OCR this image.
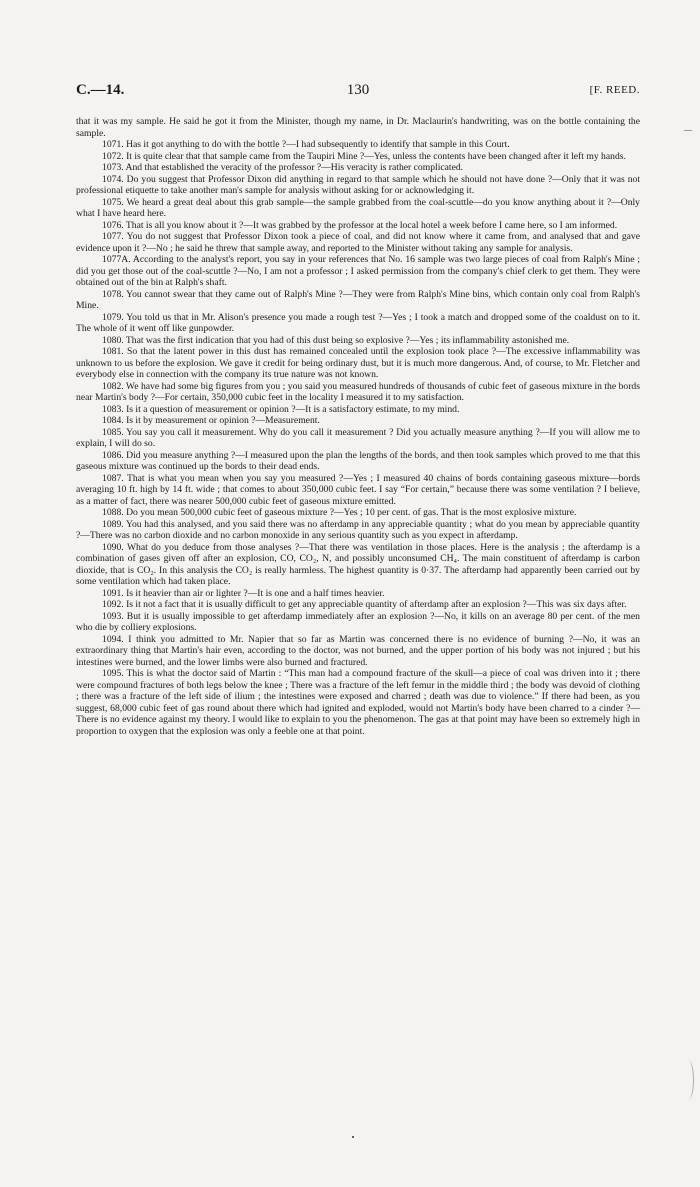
C.—14.	130	[F. REED.

that it was my sample. He said he got it from the Minister, though my name, in Dr. Maclaurin's handwriting, was on the bottle containing the sample.

1071. Has it got anything to do with the bottle ?—I had subsequently to identify that sample in this Court.

1072. It is quite clear that that sample came from the Taupiri Mine ?—Yes, unless the contents have been changed after it left my hands.

1073. And that established the veracity of the professor ?—His veracity is rather complicated.

1074. Do you suggest that Professor Dixon did anything in regard to that sample which he should not have done ?—Only that it was not professional etiquette to take another man's sample for analysis without asking for or acknowledging it.

1075. We heard a great deal about this grab sample—the sample grabbed from the coal-scuttle—do you know anything about it ?—Only what I have heard here.

1076. That is all you know about it ?—It was grabbed by the professor at the local hotel a week before I came here, so I am informed.

1077. You do not suggest that Professor Dixon took a piece of coal, and did not know where it came from, and analysed that and gave evidence upon it ?—No ; he said he threw that sample away, and reported to the Minister without taking any sample for analysis.

1077A. According to the analyst's report, you say in your references that No. 16 sample was two large pieces of coal from Ralph's Mine ; did you get those out of the coal-scuttle ?—No, I am not a professor ; I asked permission from the company's chief clerk to get them. They were obtained out of the bin at Ralph's shaft.

1078. You cannot swear that they came out of Ralph's Mine ?—They were from Ralph's Mine bins, which contain only coal from Ralph's Mine.

1079. You told us that in Mr. Alison's presence you made a rough test ?—Yes ; I took a match and dropped some of the coaldust on to it. The whole of it went off like gunpowder.

1080. That was the first indication that you had of this dust being so explosive ?—Yes ; its inflammability astonished me.

1081. So that the latent power in this dust has remained concealed until the explosion took place ?—The excessive inflammability was unknown to us before the explosion. We gave it credit for being ordinary dust, but it is much more dangerous. And, of course, to Mr. Fletcher and everybody else in connection with the company its true nature was not known.

1082. We have had some big figures from you ; you said you measured hundreds of thousands of cubic feet of gaseous mixture in the bords near Martin's body ?—For certain, 350,000 cubic feet in the locality I measured it to my satisfaction.

1083. Is it a question of measurement or opinion ?—It is a satisfactory estimate, to my mind.

1084. Is it by measurement or opinion ?—Measurement.

1085. You say you call it measurement. Why do you call it measurement ? Did you actually measure anything ?—If you will allow me to explain, I will do so.

1086. Did you measure anything ?—I measured upon the plan the lengths of the bords, and then took samples which proved to me that this gaseous mixture was continued up the bords to their dead ends.

1087. That is what you mean when you say you measured ?—Yes ; I measured 40 chains of bords containing gaseous mixture—bords averaging 10 ft. high by 14 ft. wide ; that comes to about 350,000 cubic feet. I say “For certain,” because there was some ventilation ? I believe, as a matter of fact, there was nearer 500,000 cubic feet of gaseous mixture emitted.

1088. Do you mean 500,000 cubic feet of gaseous mixture ?—Yes ; 10 per cent. of gas. That is the most explosive mixture.

1089. You had this analysed, and you said there was no afterdamp in any appreciable quantity ; what do you mean by appreciable quantity ?—There was no carbon dioxide and no carbon monoxide in any serious quantity such as you expect in afterdamp.

1090. What do you deduce from those analyses ?—That there was ventilation in those places. Here is the analysis ; the afterdamp is a combination of gases given off after an explosion, CO, CO₂, N, and possibly unconsumed CH₄. The main constituent of afterdamp is carbon dioxide, that is CO₂. In this analysis the CO₂ is really harmless. The highest quantity is 0·37. The afterdamp had apparently been carried out by some ventilation which had taken place.

1091. Is it heavier than air or lighter ?—It is one and a half times heavier.

1092. Is it not a fact that it is usually difficult to get any appreciable quantity of afterdamp after an explosion ?—This was six days after.

1093. But it is usually impossible to get afterdamp immediately after an explosion ?—No, it kills on an average 80 per cent. of the men who die by colliery explosions.

1094. I think you admitted to Mr. Napier that so far as Martin was concerned there is no evidence of burning ?—No, it was an extraordinary thing that Martin's hair even, according to the doctor, was not burned, and the upper portion of his body was not injured ; but his intestines were burned, and the lower limbs were also burned and fractured.

1095. This is what the doctor said of Martin : “This man had a compound fracture of the skull—a piece of coal was driven into it ; there were compound fractures of both legs below the knee ; There was a fracture of the left femur in the middle third ; the body was devoid of clothing ; there was a fracture of the left side of ilium ; the intestines were exposed and charred ; death was due to violence.” If there had been, as you suggest, 68,000 cubic feet of gas round about there which had ignited and exploded, would not Martin's body have been charred to a cinder ?—There is no evidence against my theory. I would like to explain to you the phenomenon. The gas at that point may have been so extremely high in proportion to oxygen that the explosion was only a feeble one at that point.
